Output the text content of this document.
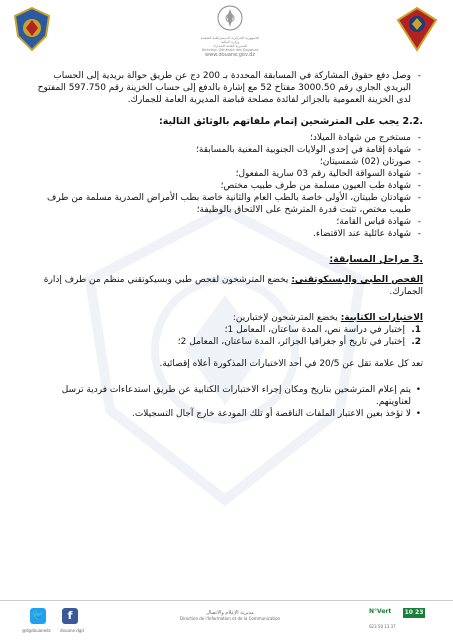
الجمهورية الجزائرية الديمقراطية الشعبية
وزارة المالية
المديرية العامة للجمارك
Direction Générale des Douanes
www.douane.gov.dz
- وصل دفع حقوق المشاركة في المسابقة المحددة بـ 200 دج عن طريق حوالة بريدية إلى الحساب البريدي الجاري رقم 3000.50 مفتاح 52 مع إشارة بالدفع إلى حساب الخزينة رقم 597.750 المفتوح لدى الخزينة العمومية بالجزائر لفائدة مصلحة قباضة المديرية العامة للجمارك.
.2.2 يجب على المترشحين إتمام ملفاتهم بالوثائق التالية:
- مستخرج من شهادة الميلاد؛
- شهادة إقامة في إحدى الولايات الجنوبية المعنية بالمسابقة؛
- صورتان (02) شمسيتان؛
- شهادة السواقة الحالية رقم 03 سارية المفعول؛
- شهادة طب العيون مسلمة من طرف طبيب مختص؛
- شهادتان طبيتان، الأولى خاصة بالطب العام والثانية خاصة بطب الأمراض الصدرية مسلمة من طرف طبيب مختص، تثبت قدرة المترشح على الالتحاق بالوظيفة؛
- شهادة قياس القامة؛
- شهادة عائلية عند الاقتضاء.
.3 مراحل المسابقة:
الفحص الطبي والبسيكوتقني: يخضع المترشحون لفحص طبي وبسيكوتقني منظم من طرف إدارة الجمارك.
الاختبارات الكتابية: يخضع المترشحون لإختبارين:
1.
إختبار في دراسة نص، المدة ساعتان، المعامل 1؛
2.
إختبار في تاريخ أو جغرافيا الجزائر، المدة ساعتان، المعامل 2؛
تعد كل علامة تقل عن 20/5 في أحد الاختبارات المذكورة أعلاه إقصائية.
• يتم إعلام المترشحين بتاريخ ومكان إجراء الاختبارات الكتابية عن طريق استدعاءات فردية ترسل لعناوينهم.
• لا تؤخذ بعين الاعتبار الملفات الناقصة أو تلك المودعة خارج آجال التسجيلات.
🐦
@dgdouanedz
f
douane.dgd
مديرية الإعلام والاتصال
Direction de l'Information et de la Communication
N°Vert 10 23
023 50 13 37
